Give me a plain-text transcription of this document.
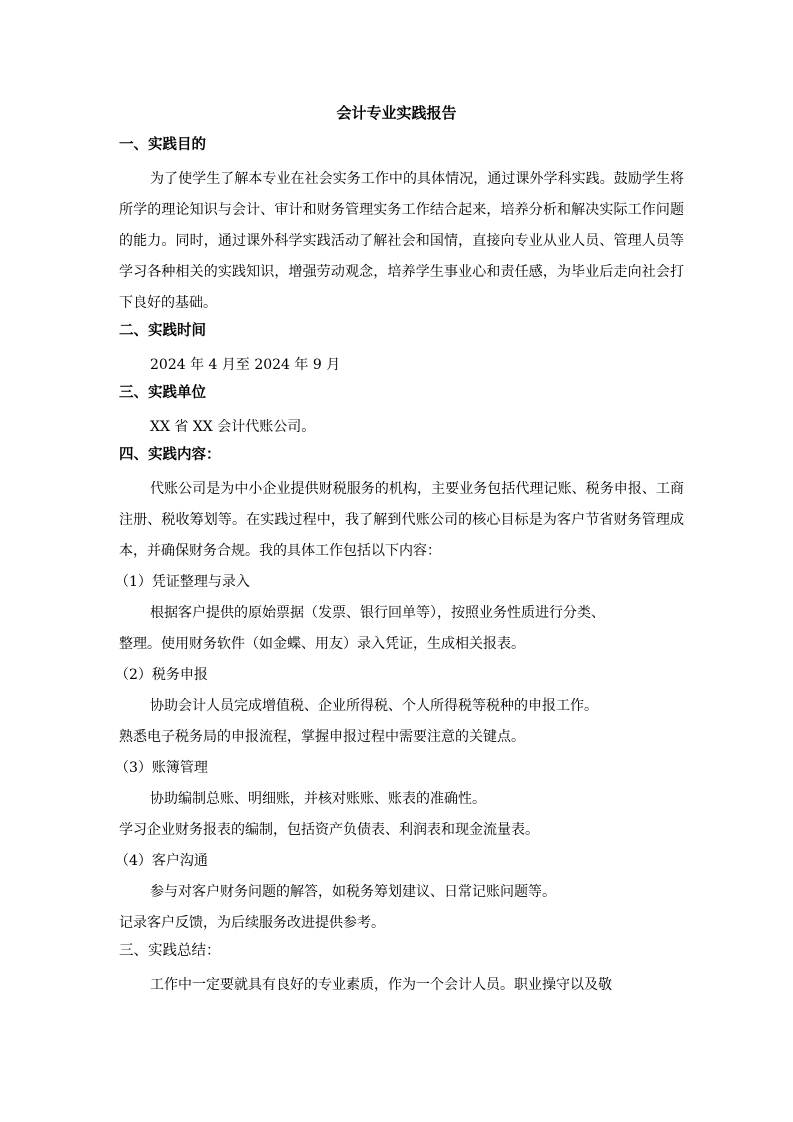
会计专业实践报告
一、实践目的

为了使学生了解本专业在社会实务工作中的具体情况，通过课外学科实践。鼓励学生将所学的理论知识与会计、审计和财务管理实务工作结合起来，培养分析和解决实际工作问题的能力。同时，通过课外科学实践活动了解社会和国情，直接向专业从业人员、管理人员等学习各种相关的实践知识，增强劳动观念，培养学生事业心和责任感，为毕业后走向社会打下良好的基础。

二、实践时间
2024 年 4 月至 2024 年 9 月
三、实践单位
XX 省 XX 会计代账公司。
四、实践内容：

代账公司是为中小企业提供财税服务的机构，主要业务包括代理记账、税务申报、工商注册、税收筹划等。在实践过程中，我了解到代账公司的核心目标是为客户节省财务管理成本，并确保财务合规。我的具体工作包括以下内容：

（1）凭证整理与录入
根据客户提供的原始票据（发票、银行回单等），按照业务性质进行分类、
整理。使用财务软件（如金蝶、用友）录入凭证，生成相关报表。
（2）税务申报
协助会计人员完成增值税、企业所得税、个人所得税等税种的申报工作。
熟悉电子税务局的申报流程，掌握申报过程中需要注意的关键点。
（3）账簿管理
协助编制总账、明细账，并核对账账、账表的准确性。
学习企业财务报表的编制，包括资产负债表、利润表和现金流量表。
（4）客户沟通
参与对客户财务问题的解答，如税务筹划建议、日常记账问题等。
记录客户反馈，为后续服务改进提供参考。
三、实践总结：
工作中一定要就具有良好的专业素质，作为一个会计人员。职业操守以及敬
